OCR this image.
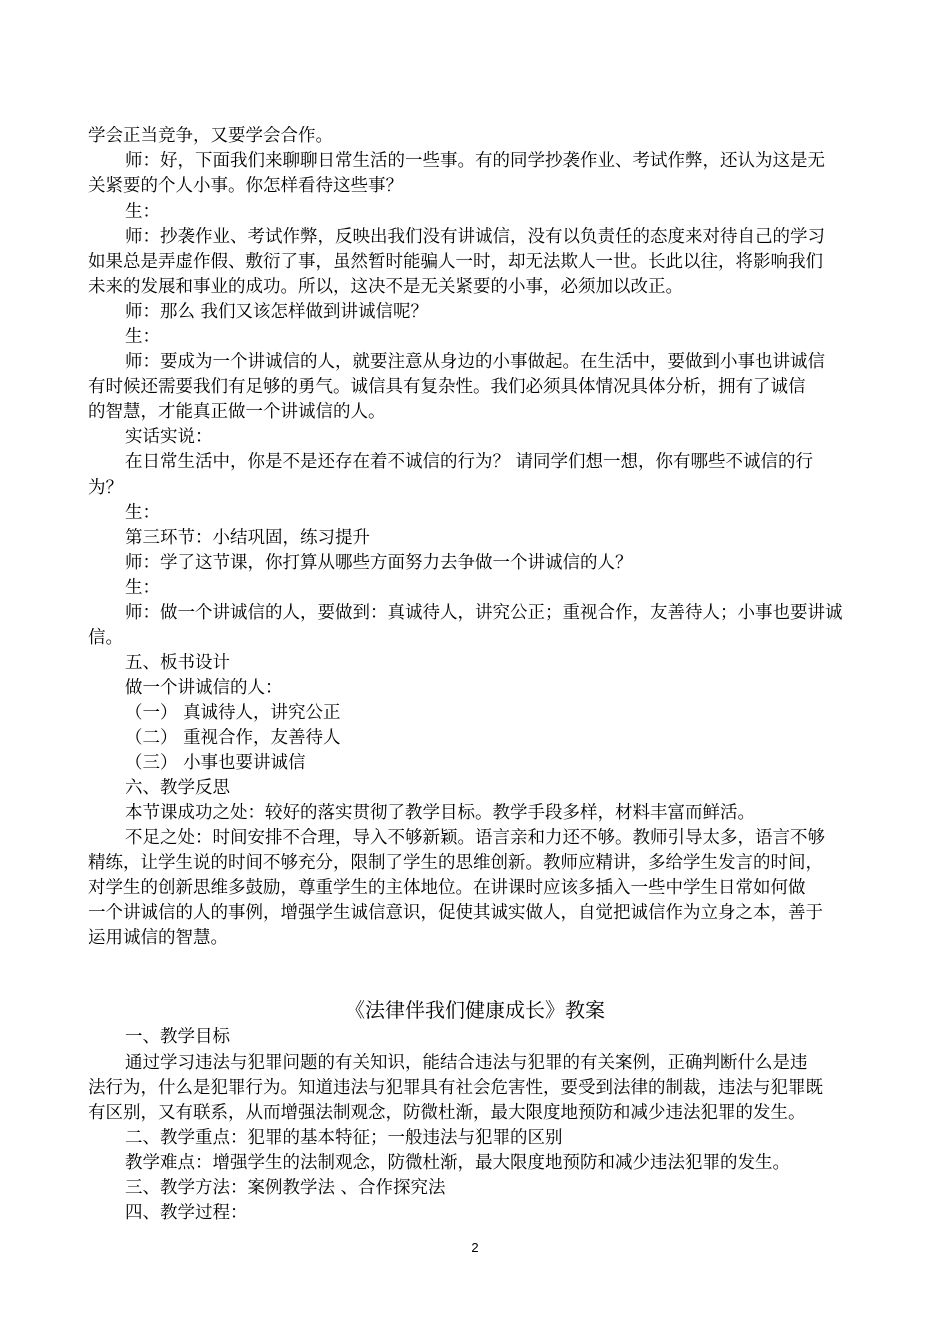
学会正当竞争，又要学会合作。
师：好，下面我们来聊聊日常生活的一些事。有的同学抄袭作业、考试作弊，还认为这是无
关紧要的个人小事。你怎样看待这些事？
生：
师：抄袭作业、考试作弊，反映出我们没有讲诚信，没有以负责任的态度来对待自己的学习
如果总是弄虚作假、敷衍了事，虽然暂时能骗人一时，却无法欺人一世。长此以往，将影响我们
未来的发展和事业的成功。所以，这决不是无关紧要的小事，必须加以改正。
师：那么 我们又该怎样做到讲诚信呢？
生：
师：要成为一个讲诚信的人，就要注意从身边的小事做起。在生活中，要做到小事也讲诚信
有时候还需要我们有足够的勇气。诚信具有复杂性。我们必须具体情况具体分析，拥有了诚信
的智慧，才能真正做一个讲诚信的人。
实话实说：
在日常生活中，你是不是还存在着不诚信的行为？ 请同学们想一想，你有哪些不诚信的行
为？
生：
第三环节：小结巩固，练习提升
师：学了这节课，你打算从哪些方面努力去争做一个讲诚信的人？
生：
师：做一个讲诚信的人，要做到：真诚待人，讲究公正；重视合作，友善待人；小事也要讲诚
信。
五、板书设计
做一个讲诚信的人：
（一） 真诚待人，讲究公正
（二） 重视合作，友善待人
（三） 小事也要讲诚信
六、教学反思
本节课成功之处：较好的落实贯彻了教学目标。教学手段多样，材料丰富而鲜活。
不足之处：时间安排不合理，导入不够新颖。语言亲和力还不够。教师引导太多，语言不够
精练，让学生说的时间不够充分，限制了学生的思维创新。教师应精讲，多给学生发言的时间，
对学生的创新思维多鼓励，尊重学生的主体地位。在讲课时应该多插入一些中学生日常如何做
一个讲诚信的人的事例，增强学生诚信意识，促使其诚实做人，自觉把诚信作为立身之本，善于
运用诚信的智慧。
《法律伴我们健康成长》教案
一、教学目标
通过学习违法与犯罪问题的有关知识，能结合违法与犯罪的有关案例，正确判断什么是违
法行为，什么是犯罪行为。知道违法与犯罪具有社会危害性，要受到法律的制裁，违法与犯罪既
有区别，又有联系，从而增强法制观念，防微杜渐，最大限度地预防和减少违法犯罪的发生。
二、教学重点：犯罪的基本特征；一般违法与犯罪的区别
教学难点：增强学生的法制观念，防微杜渐，最大限度地预防和减少违法犯罪的发生。
三、教学方法：案例教学法 、合作探究法
四、教学过程：
2
